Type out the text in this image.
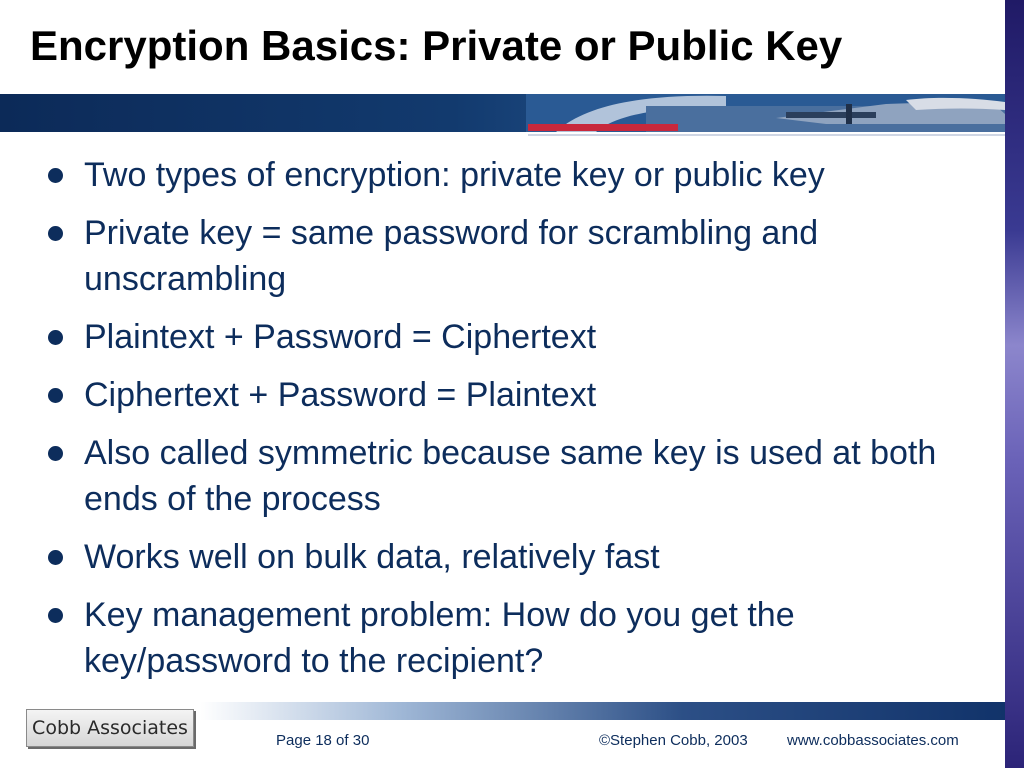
Encryption Basics: Private or Public Key
Two types of encryption: private key or public key
Private key = same password for scrambling and unscrambling
Plaintext + Password = Ciphertext
Ciphertext + Password = Plaintext
Also called symmetric because same key is used at both ends of the process
Works well on bulk data, relatively fast
Key management problem: How do you get the key/password to the recipient?
Cobb Associates
Page 18 of 30	©Stephen Cobb, 2003	www.cobbassociates.com
